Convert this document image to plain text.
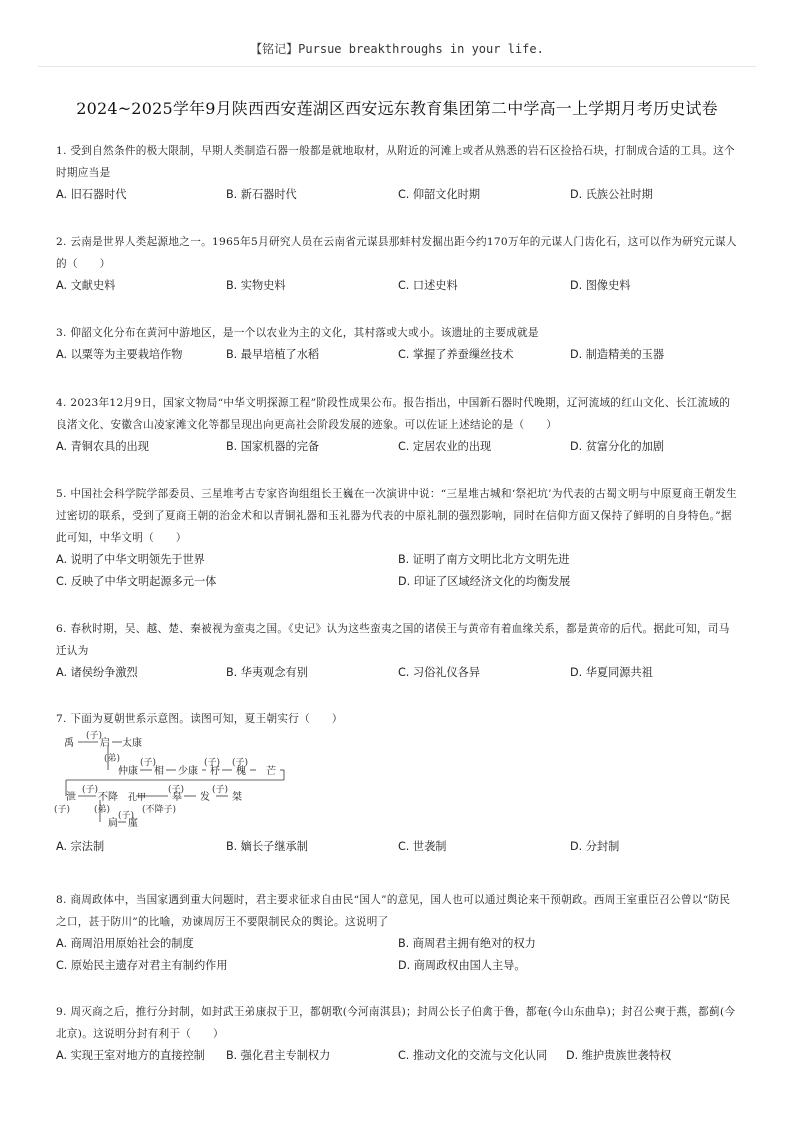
【铭记】Pursue breakthroughs in your life.
2024~2025学年9月陕西西安莲湖区西安远东教育集团第二中学高一上学期月考历史试卷
1. 受到自然条件的极大限制，早期人类制造石器一般都是就地取材，从附近的河滩上或者从熟悉的岩石区捡拾石块，打制成合适的工具。这个时期应当是
A. 旧石器时代	B. 新石器时代	C. 仰韶文化时期	D. 氏族公社时期
2. 云南是世界人类起源地之一。1965年5月研究人员在云南省元谋县那蚌村发掘出距今约170万年的元谋人门齿化石，这可以作为研究元谋人的（　　）
A. 文献史料	B. 实物史料	C. 口述史料	D. 图像史料
3. 仰韶文化分布在黄河中游地区，是一个以农业为主的文化，其村落或大或小。该遗址的主要成就是
A. 以粟等为主要栽培作物	B. 最早培植了水稻	C. 掌握了养蚕缫丝技术	D. 制造精美的玉器
4. 2023年12月9日，国家文物局“中华文明探源工程”阶段性成果公布。报告指出，中国新石器时代晚期，辽河流域的红山文化、长江流域的良渚文化、安徽含山凌家滩文化等都呈现出向更高社会阶段发展的迹象。可以佐证上述结论的是（　　）
A. 青铜农具的出现	B. 国家机器的完备	C. 定居农业的出现	D. 贫富分化的加剧
5. 中国社会科学院学部委员、三星堆考古专家咨询组组长王巍在一次演讲中说：“三星堆古城和‘祭祀坑’为代表的古蜀文明与中原夏商王朝发生过密切的联系，受到了夏商王朝的治金术和以青铜礼器和玉礼器为代表的中原礼制的强烈影响，同时在信仰方面又保持了鲜明的自身特色。”据此可知，中华文明（　　）
A. 说明了中华文明领先于世界	B. 证明了南方文明比北方文明先进
C. 反映了中华文明起源多元一体	D. 印证了区域经济文化的均衡发展
6. 春秋时期，吴、越、楚、秦被视为蛮夷之国。《史记》认为这些蛮夷之国的诸侯王与黄帝有着血缘关系，都是黄帝的后代。据此可知，司马迁认为
A. 诸侯纷争激烈	B. 华夷观念有别	C. 习俗礼仪各异	D. 华夏同源共祖
7. 下面为夏朝世系示意图。读图可知，夏王朝实行（　　）
(子)
(弟) (子)	(子) (子)
(子)
(子)	(子)	(子)
(弟)
(子)
(不降子)
禹	启 太康
仲康 相 少康 杼 槐 芒
泄 不降 孔甲	皋 发 桀
扃 廑
A. 宗法制	B. 嫡长子继承制	C. 世袭制	D. 分封制
8. 商周政体中，当国家遇到重大问题时，君主要求征求自由民“国人”的意见，国人也可以通过舆论来干预朝政。西周王室重臣召公曾以“防民之口，甚于防川”的比喻，劝谏周厉王不要限制民众的舆论。这说明了
A. 商周沿用原始社会的制度	B. 商周君主拥有绝对的权力
C. 原始民主遗存对君主有制约作用	D. 商周政权由国人主导。
9. 周灭商之后，推行分封制，如封武王弟康叔于卫，都朝歌(今河南淇县)；封周公长子伯禽于鲁，都奄(今山东曲阜)；封召公奭于燕，都蓟(今北京)。这说明分封有利于（　　）
A. 实现王室对地方的直接控制 B. 强化君主专制权力	C. 推动文化的交流与文化认同 D. 维护贵族世袭特权
